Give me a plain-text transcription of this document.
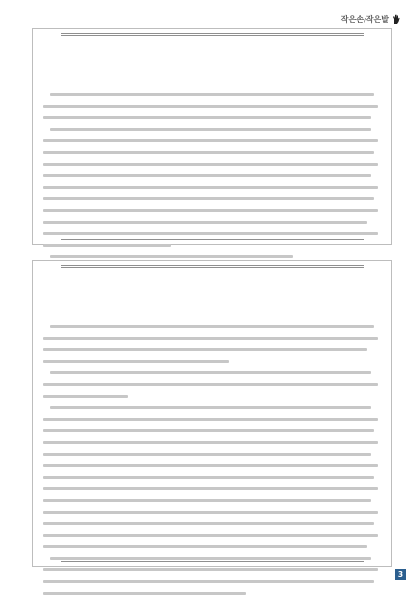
작은손/작은발
3
